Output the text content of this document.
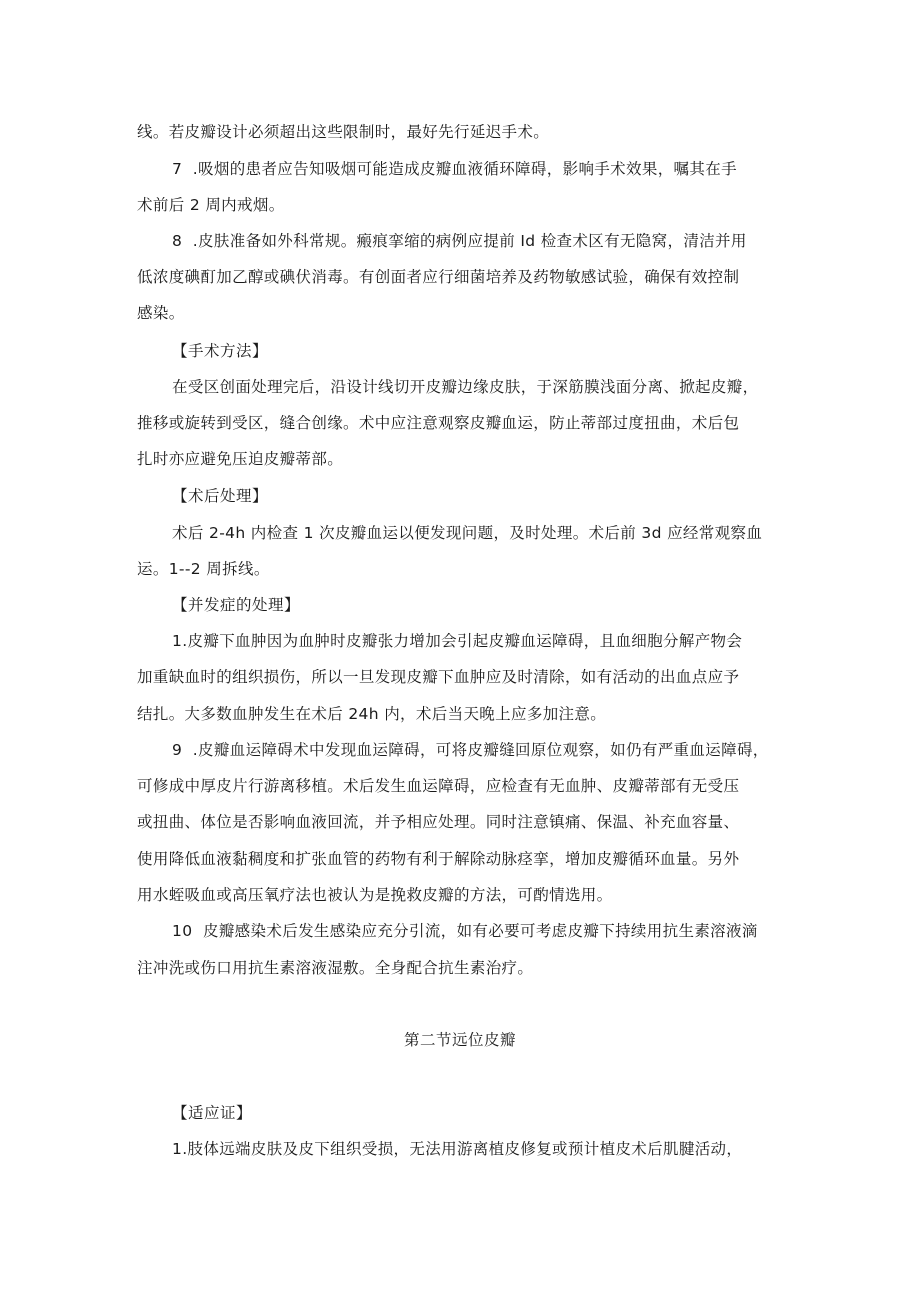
线。若皮瓣设计必须超出这些限制时，最好先行延迟手术。
7  .吸烟的患者应告知吸烟可能造成皮瓣血液循环障碍，影响手术效果，嘱其在手
术前后 2 周内戒烟。
8  .皮肤准备如外科常规。瘢痕挛缩的病例应提前 Id 检查术区有无隐窝，清洁并用
低浓度碘酊加乙醇或碘伏消毒。有创面者应行细菌培养及药物敏感试验，确保有效控制
感染。
【手术方法】
在受区创面处理完后，沿设计线切开皮瓣边缘皮肤，于深筋膜浅面分离、掀起皮瓣，
推移或旋转到受区，缝合创缘。术中应注意观察皮瓣血运，防止蒂部过度扭曲，术后包
扎时亦应避免压迫皮瓣蒂部。
【术后处理】
术后 2-4h 内检查 1 次皮瓣血运以便发现问题，及时处理。术后前 3d 应经常观察血
运。1--2 周拆线。
【并发症的处理】
1.皮瓣下血肿因为血肿时皮瓣张力增加会引起皮瓣血运障碍，且血细胞分解产物会
加重缺血时的组织损伤，所以一旦发现皮瓣下血肿应及时清除，如有活动的出血点应予
结扎。大多数血肿发生在术后 24h 内，术后当天晚上应多加注意。
9  .皮瓣血运障碍术中发现血运障碍，可将皮瓣缝回原位观察，如仍有严重血运障碍，
可修成中厚皮片行游离移植。术后发生血运障碍，应检查有无血肿、皮瓣蒂部有无受压
或扭曲、体位是否影响血液回流，并予相应处理。同时注意镇痛、保温、补充血容量、
使用降低血液黏稠度和扩张血管的药物有利于解除动脉痉挛，增加皮瓣循环血量。另外
用水蛭吸血或高压氧疗法也被认为是挽救皮瓣的方法，可酌情选用。
10  皮瓣感染术后发生感染应充分引流，如有必要可考虑皮瓣下持续用抗生素溶液滴
注冲洗或伤口用抗生素溶液湿敷。全身配合抗生素治疗。
第二节远位皮瓣
【适应证】
1.肢体远端皮肤及皮下组织受损，无法用游离植皮修复或预计植皮术后肌腱活动，
